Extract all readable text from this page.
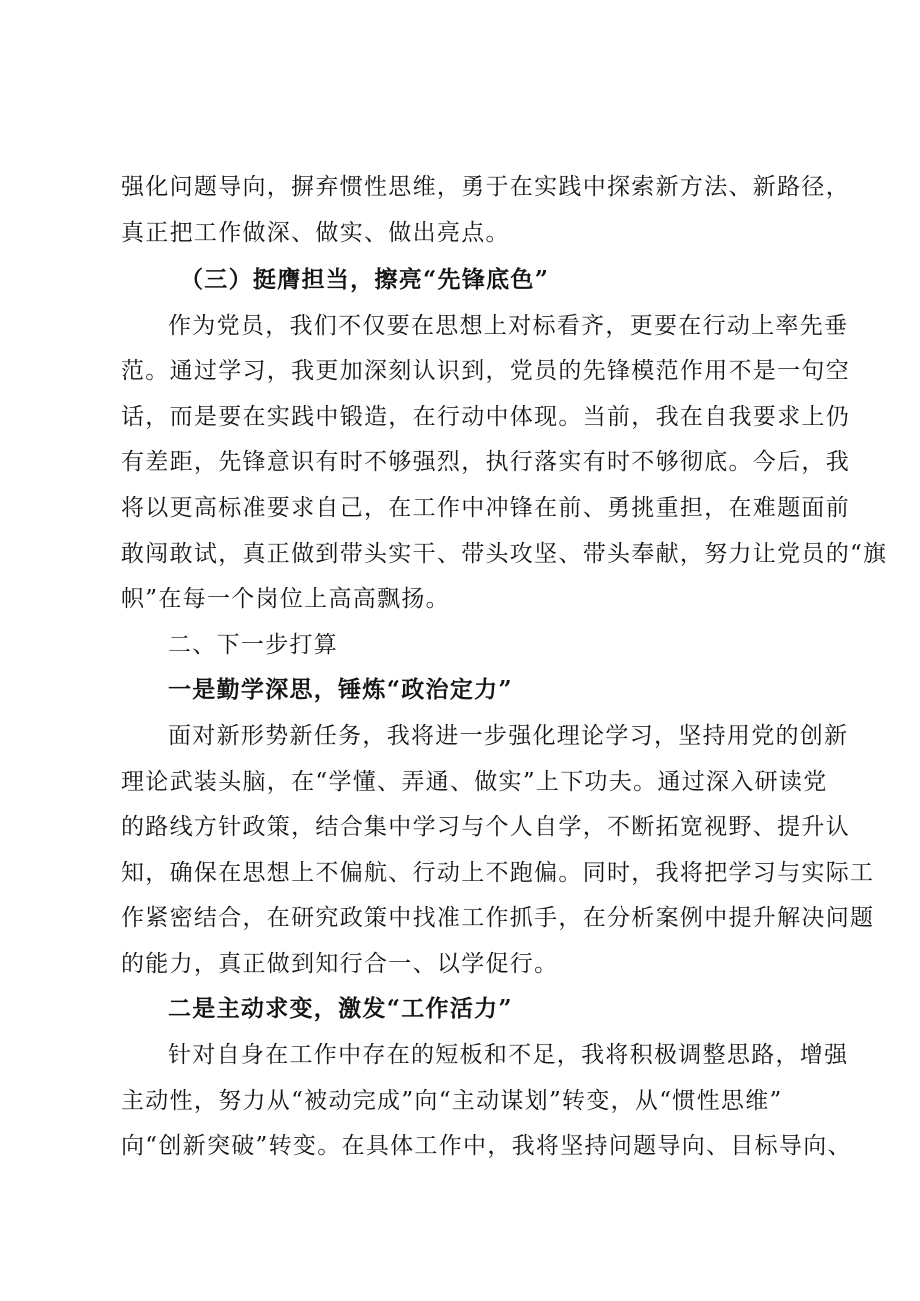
强化问题导向，摒弃惯性思维，勇于在实践中探索新方法、新路径，
真正把工作做深、做实、做出亮点。
（三）挺膺担当，擦亮“先锋底色”
作为党员，我们不仅要在思想上对标看齐，更要在行动上率先垂
范。通过学习，我更加深刻认识到，党员的先锋模范作用不是一句空
话，而是要在实践中锻造，在行动中体现。当前，我在自我要求上仍
有差距，先锋意识有时不够强烈，执行落实有时不够彻底。今后，我
将以更高标准要求自己，在工作中冲锋在前、勇挑重担，在难题面前
敢闯敢试，真正做到带头实干、带头攻坚、带头奉献，努力让党员的“旗
帜”在每一个岗位上高高飘扬。
二、下一步打算
一是勤学深思，锤炼“政治定力”
面对新形势新任务，我将进一步强化理论学习，坚持用党的创新
理论武装头脑，在“学懂、弄通、做实”上下功夫。通过深入研读党
的路线方针政策，结合集中学习与个人自学，不断拓宽视野、提升认
知，确保在思想上不偏航、行动上不跑偏。同时，我将把学习与实际工
作紧密结合，在研究政策中找准工作抓手，在分析案例中提升解决问题
的能力，真正做到知行合一、以学促行。
二是主动求变，激发“工作活力”
针对自身在工作中存在的短板和不足，我将积极调整思路，增强
主动性，努力从“被动完成”向“主动谋划”转变，从“惯性思维”
向“创新突破”转变。在具体工作中，我将坚持问题导向、目标导向、
